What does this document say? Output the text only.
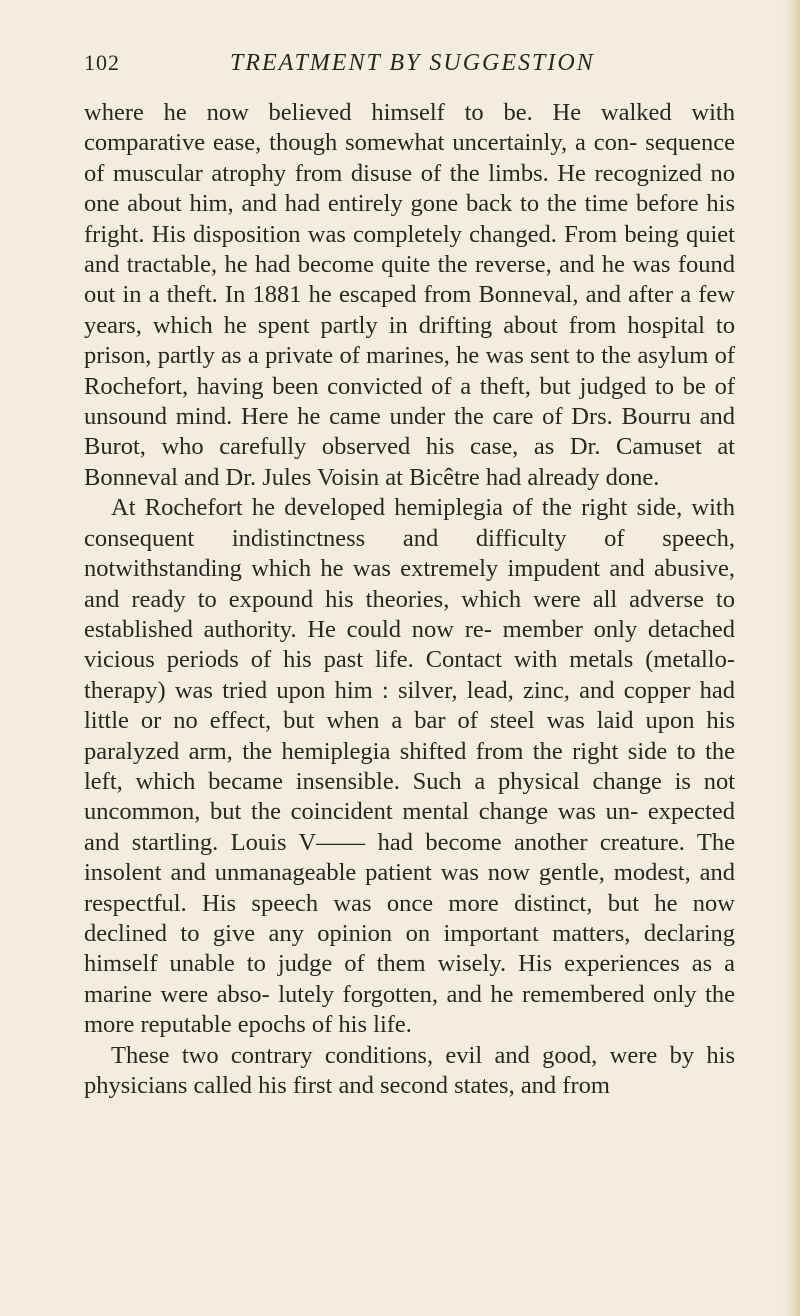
102	TREATMENT BY SUGGESTION

where he now believed himself to be. He walked with comparative ease, though somewhat uncertainly, a con- sequence of muscular atrophy from disuse of the limbs. He recognized no one about him, and had entirely gone back to the time before his fright. His disposition was completely changed. From being quiet and tractable, he had become quite the reverse, and he was found out in a theft. In 1881 he escaped from Bonneval, and after a few years, which he spent partly in drifting about from hospital to prison, partly as a private of marines, he was sent to the asylum of Rochefort, having been convicted of a theft, but judged to be of unsound mind. Here he came under the care of Drs. Bourru and Burot, who carefully observed his case, as Dr. Camuset at Bonneval and Dr. Jules Voisin at Bicêtre had already done.

At Rochefort he developed hemiplegia of the right side, with consequent indistinctness and difficulty of speech, notwithstanding which he was extremely impudent and abusive, and ready to expound his theories, which were all adverse to established authority. He could now re- member only detached vicious periods of his past life. Contact with metals (metallo-therapy) was tried upon him : silver, lead, zinc, and copper had little or no effect, but when a bar of steel was laid upon his paralyzed arm, the hemiplegia shifted from the right side to the left, which became insensible. Such a physical change is not uncommon, but the coincident mental change was un- expected and startling. Louis V—— had become another creature. The insolent and unmanageable patient was now gentle, modest, and respectful. His speech was once more distinct, but he now declined to give any opinion on important matters, declaring himself unable to judge of them wisely. His experiences as a marine were abso- lutely forgotten, and he remembered only the more reputable epochs of his life.

These two contrary conditions, evil and good, were by his physicians called his first and second states, and from
